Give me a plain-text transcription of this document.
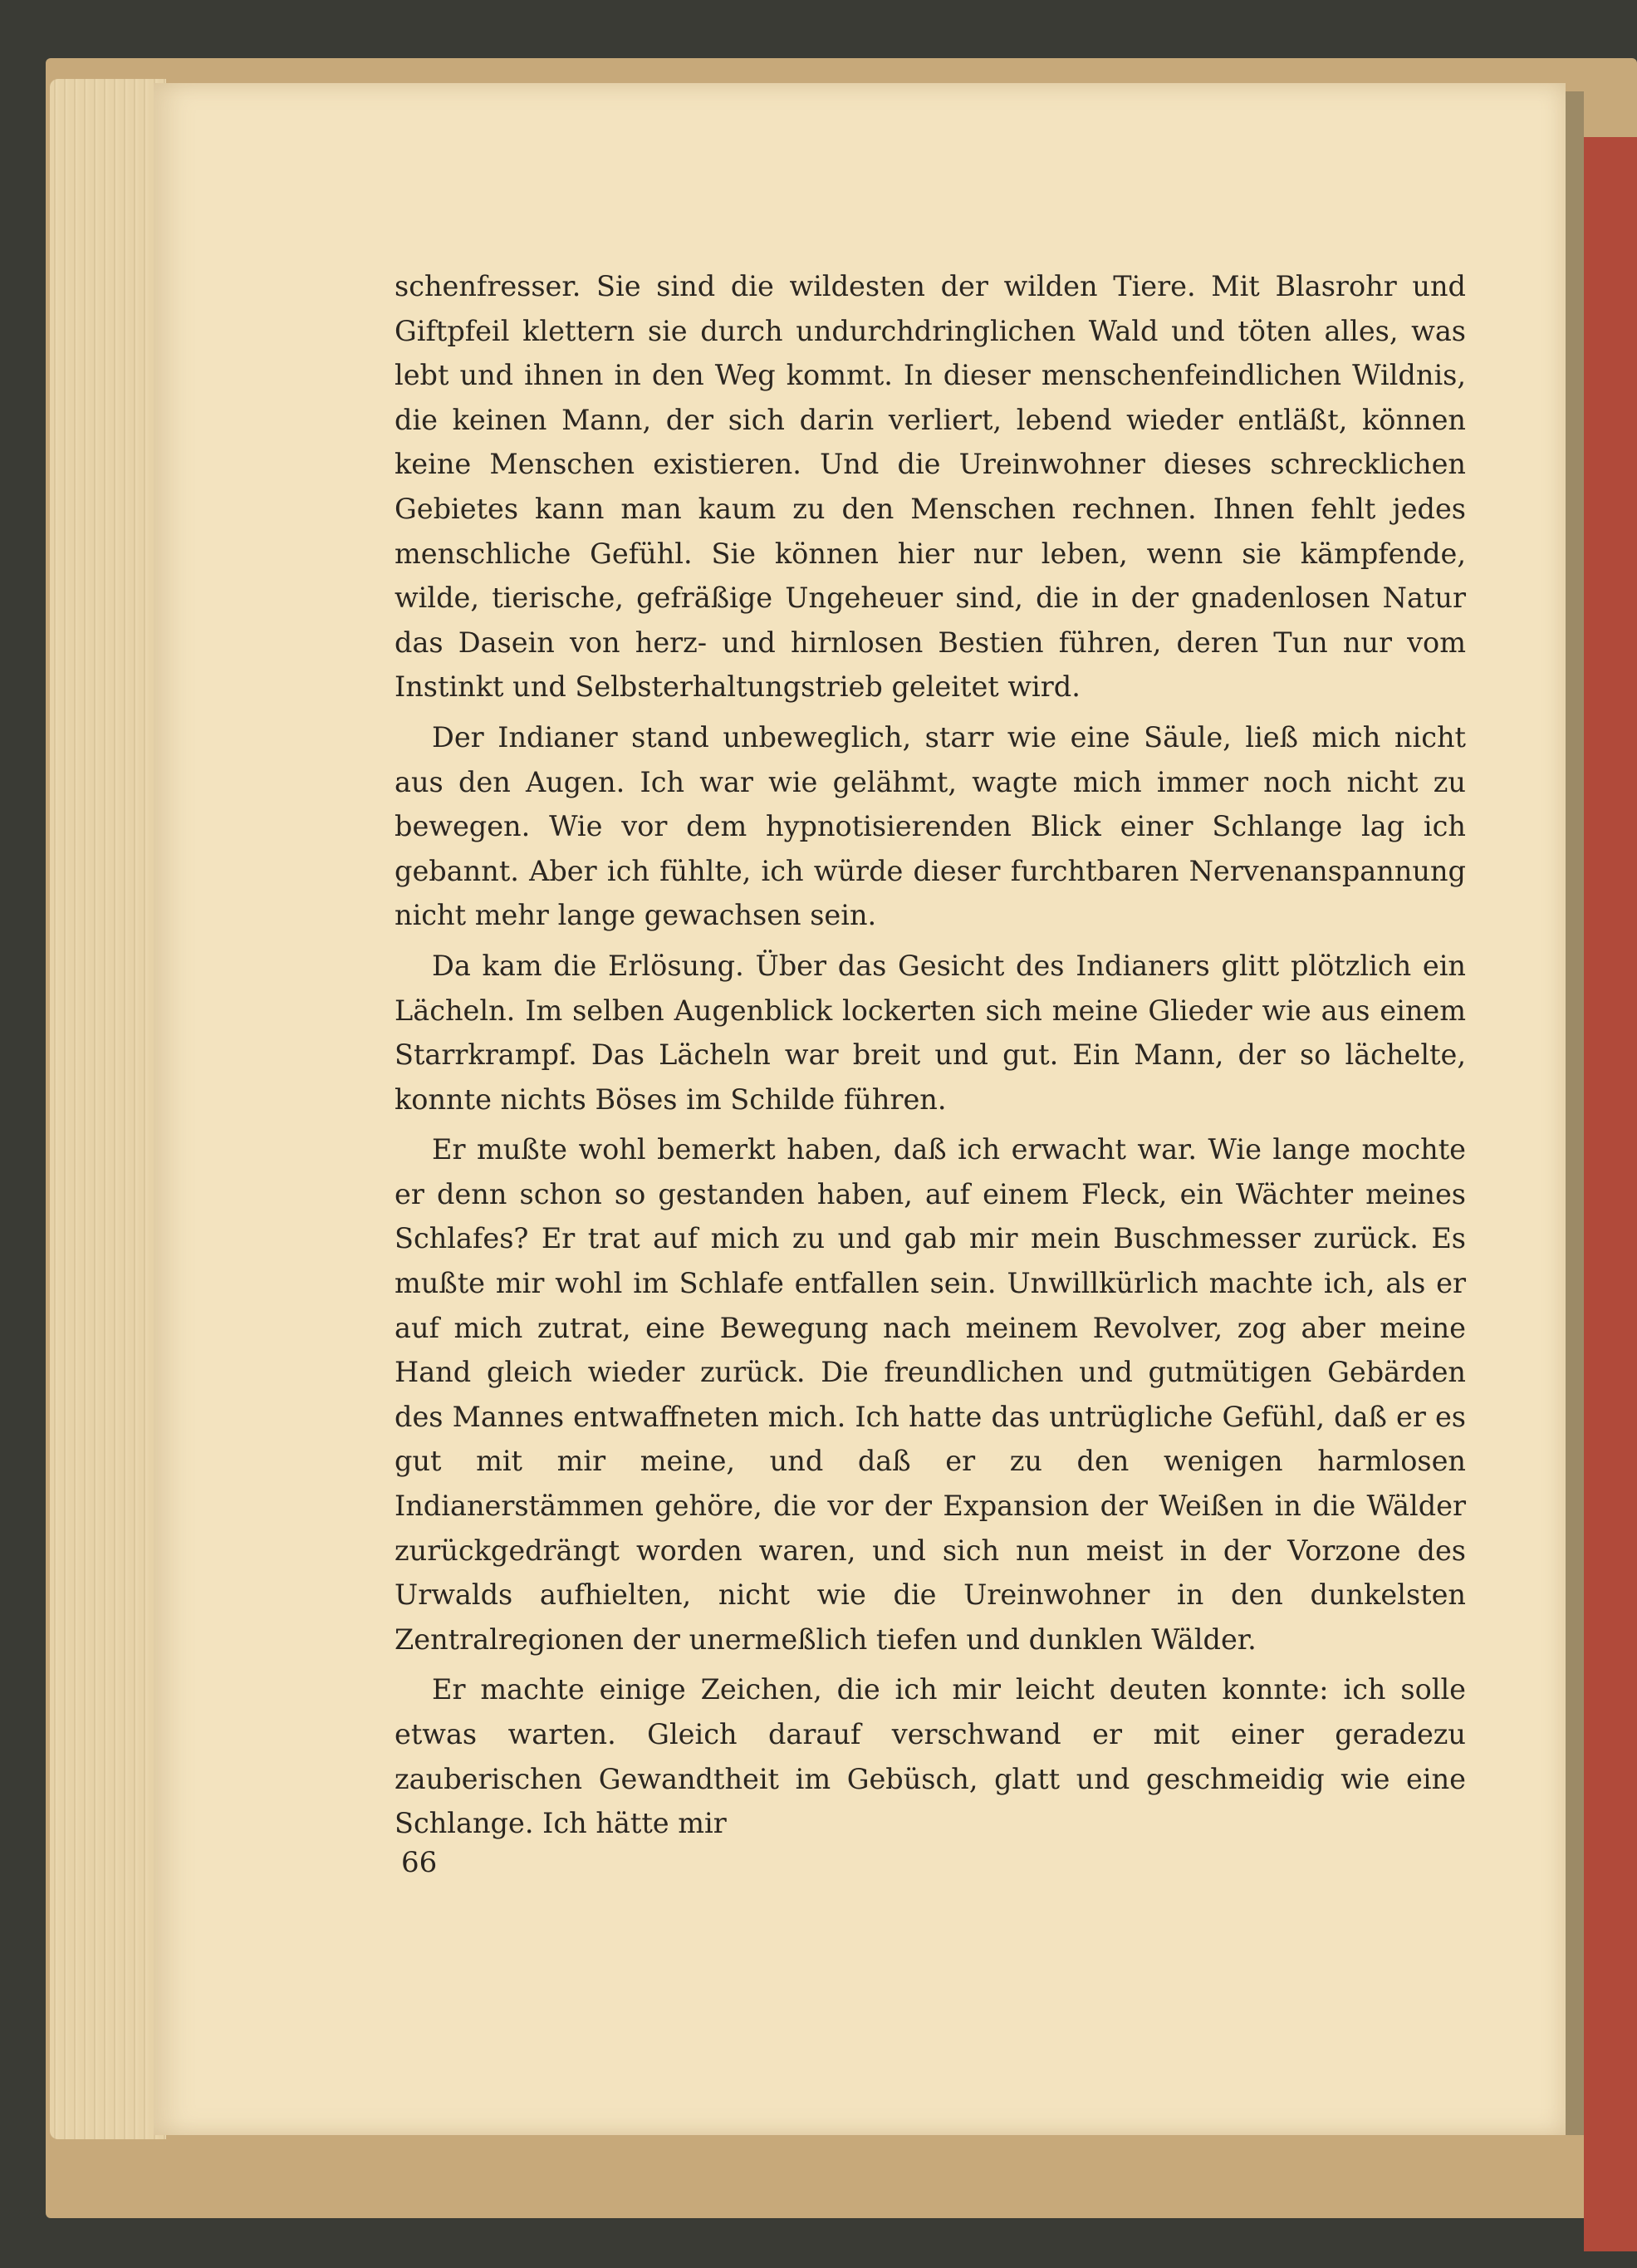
schenfresser. Sie sind die wildesten der wilden Tiere. Mit Blasrohr und Giftpfeil klettern sie durch undurchdringlichen Wald und töten alles, was lebt und ihnen in den Weg kommt. In dieser menschenfeindlichen Wildnis, die keinen Mann, der sich darin verliert, lebend wieder entläßt, können keine Menschen existieren. Und die Ureinwohner dieses schrecklichen Gebietes kann man kaum zu den Menschen rechnen. Ihnen fehlt jedes menschliche Gefühl. Sie können hier nur leben, wenn sie kämpfende, wilde, tierische, gefräßige Ungeheuer sind, die in der gnadenlosen Natur das Dasein von herz- und hirnlosen Bestien führen, deren Tun nur vom Instinkt und Selbsterhaltungstrieb geleitet wird.

Der Indianer stand unbeweglich, starr wie eine Säule, ließ mich nicht aus den Augen. Ich war wie gelähmt, wagte mich immer noch nicht zu bewegen. Wie vor dem hypnotisierenden Blick einer Schlange lag ich gebannt. Aber ich fühlte, ich würde dieser furchtbaren Nervenanspannung nicht mehr lange gewachsen sein.

Da kam die Erlösung. Über das Gesicht des Indianers glitt plötzlich ein Lächeln. Im selben Augenblick lockerten sich meine Glieder wie aus einem Starrkrampf. Das Lächeln war breit und gut. Ein Mann, der so lächelte, konnte nichts Böses im Schilde führen.

Er mußte wohl bemerkt haben, daß ich erwacht war. Wie lange mochte er denn schon so gestanden haben, auf einem Fleck, ein Wächter meines Schlafes? Er trat auf mich zu und gab mir mein Buschmesser zurück. Es mußte mir wohl im Schlafe entfallen sein. Unwillkürlich machte ich, als er auf mich zutrat, eine Bewegung nach meinem Revolver, zog aber meine Hand gleich wieder zurück. Die freundlichen und gutmütigen Gebärden des Mannes entwaffneten mich. Ich hatte das untrügliche Gefühl, daß er es gut mit mir meine, und daß er zu den wenigen harmlosen Indianerstämmen gehöre, die vor der Expansion der Weißen in die Wälder zurückgedrängt worden waren, und sich nun meist in der Vorzone des Urwalds aufhielten, nicht wie die Ureinwohner in den dunkelsten Zentralregionen der unermeßlich tiefen und dunklen Wälder.

Er machte einige Zeichen, die ich mir leicht deuten konnte: ich solle etwas warten. Gleich darauf verschwand er mit einer geradezu zauberischen Gewandtheit im Gebüsch, glatt und geschmeidig wie eine Schlange. Ich hätte mir

66
